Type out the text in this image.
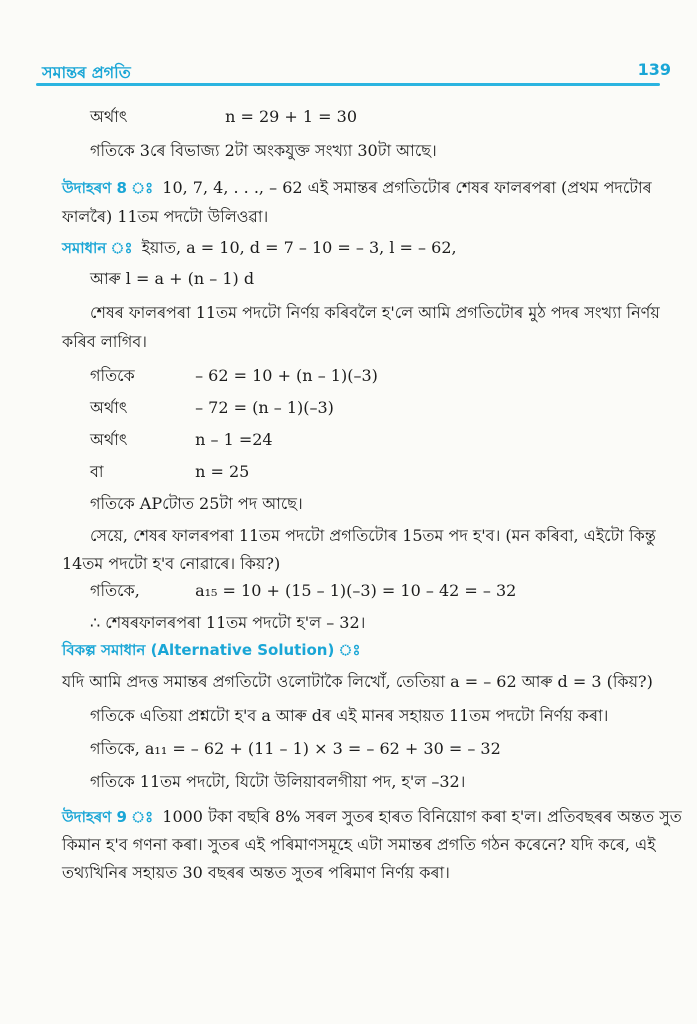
সমান্তৰ প্ৰগতি	139
অৰ্থাৎ	n = 29 + 1 = 30
গতিকে 3ৰে বিভাজ্য 2টা অংকযুক্ত সংখ্যা 30টা আছে।
উদাহৰণ 8 ঃ 10, 7, 4, . . ., – 62 এই সমান্তৰ প্ৰগতিটোৰ শেষৰ ফালৰপৰা (প্ৰথম পদটোৰ
ফালৰৈ) 11তম পদটো উলিওৱা।
সমাধান ঃ ইয়াত, a = 10, d = 7 – 10 = – 3, l = – 62,
আৰু l = a + (n – 1) d
শেষৰ ফালৰপৰা 11তম পদটো নিৰ্ণয় কৰিবলৈ হ'লে আমি প্ৰগতিটোৰ মুঠ পদৰ সংখ্যা নিৰ্ণয়
কৰিব লাগিব।
গতিকে	– 62 = 10 + (n – 1)(–3)
অৰ্থাৎ	– 72 = (n – 1)(–3)
অৰ্থাৎ	n – 1 =24
বা	n = 25
গতিকে APটোত 25টা পদ আছে।
সেয়ে, শেষৰ ফালৰপৰা 11তম পদটো প্ৰগতিটোৰ 15তম পদ হ'ব। (মন কৰিবা, এইটো কিন্তু
14তম পদটো হ'ব নোৱাৰে। কিয়?)
গতিকে,	a₁₅ = 10 + (15 – 1)(–3) = 10 – 42 = – 32
∴ শেষৰফালৰপৰা 11তম পদটো হ'ল – 32।
বিকল্প সমাধান (Alternative Solution) ঃ
যদি আমি প্ৰদত্ত সমান্তৰ প্ৰগতিটো ওলোটাকৈ লিখোঁ, তেতিয়া a = – 62 আৰু d = 3 (কিয়?)
গতিকে এতিয়া প্ৰশ্নটো হ'ব a আৰু dৰ এই মানৰ সহায়ত 11তম পদটো নিৰ্ণয় কৰা।
গতিকে, a₁₁ = – 62 + (11 – 1) × 3 = – 62 + 30 = – 32
গতিকে 11তম পদটো, যিটো উলিয়াবলগীয়া পদ, হ'ল –32।
উদাহৰণ 9 ঃ 1000 টকা বছৰি 8% সৰল সুতৰ হাৰত বিনিয়োগ কৰা হ'ল। প্ৰতিবছৰৰ অন্তত সুত
কিমান হ'ব গণনা কৰা। সুতৰ এই পৰিমাণসমূহে এটা সমান্তৰ প্ৰগতি গঠন কৰেনে? যদি কৰে, এই
তথ্যখিনিৰ সহায়ত 30 বছৰৰ অন্তত সুতৰ পৰিমাণ নিৰ্ণয় কৰা।
